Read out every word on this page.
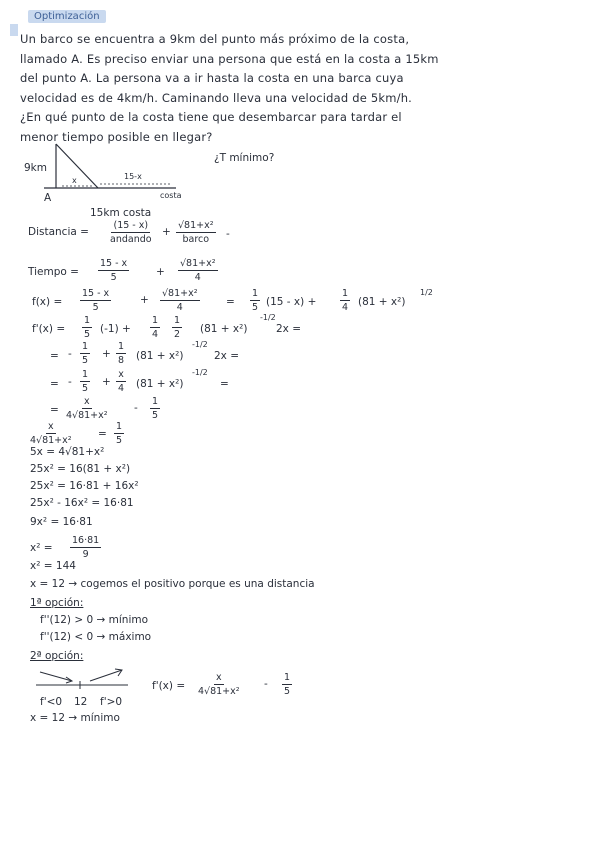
Optimización
Un barco se encuentra a 9km del punto más próximo de la costa,
llamado A. Es preciso enviar una persona que está en la costa a 15km
del punto A. La persona va a ir hasta la costa en una barca cuya
velocidad es de 4km/h. Caminando lleva una velocidad de 5km/h.
¿En qué punto de la costa tiene que desembarcar para tardar el
menor tiempo posible en llegar?
9km
A
x	15-x
costa
15km costa
¿T mínimo?
Distancia =
(15 - x)
andando
+
√81+x²
barco -
Tiempo = $\frac{15 - x}{5}$	+ $\frac{\text{√81+x²}}{4}$
$f(x) = \frac{15 - x}{5}$	+ $\frac{\text{√81+x²}}{4}$	= $\frac{1}{5} (15 - x) + \frac{1}{4} (81 + x^2)$
1/2
$f'(x) = \frac{1}{5} (-1) + \frac{1}{4} \frac{1}{2} (81 + x^2)$
-1/2
2x =
= - $\frac{1}{5} + \frac{1}{8} (81 + x^2)$
-1/2
2x =
= - $\frac{1}{5} + \frac{x}{4} (81 + x^2)$
-1/2
=
= $\frac{x}{\text{4√81+x²}} - \frac{1}{5}$
$\frac{x}{\text{4√81+x²}} = \frac{1}{5}$
5x = 4√81+x²
25x² = 16(81 + x²)
25x² = 16·81 + 16x²
25x² - 16x² = 16·81
9x² = 16·81
$x^2 = \frac{16\cdot 81}{9}$
x² = 144
x = 12 → cogemos el positivo porque es una distancia
1ª opción:
f''(12) > 0 → mínimo
f''(12) < 0 → máximo
2ª opción:
$f'(x) = \frac{x}{\text{4√81+x²}} - \frac{1}{5}$
f'<0 12 f'>0
x = 12 → mínimo
